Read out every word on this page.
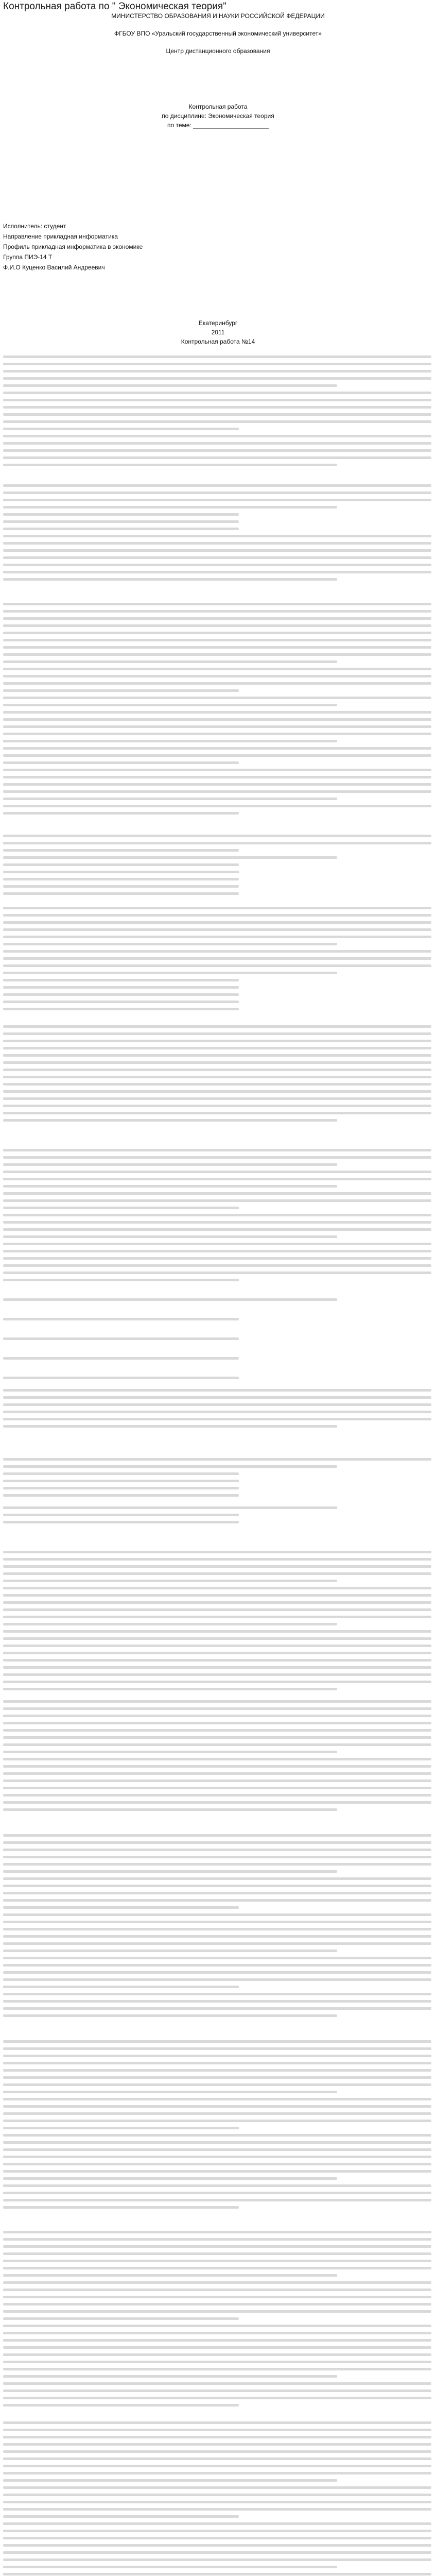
Контрольная работа по " Экономическая теория"
МИНИСТЕРСТВО ОБРАЗОВАНИЯ И НАУКИ РОССИЙСКОЙ ФЕДЕРАЦИИ
ФГБОУ ВПО «Уральский государственный экономический университет»
Центр дистанционного образования
Контрольная работа
по дисциплине: Экономическая теория
по теме: ______________________
Исполнитель: студент
Направление прикладная информатика
Профиль прикладная информатика в экономике
Группа ПИЭ-14 Т
Ф.И.О Куценко Василий Андреевич
Екатеринбург
2011
Контрольная работа №14
